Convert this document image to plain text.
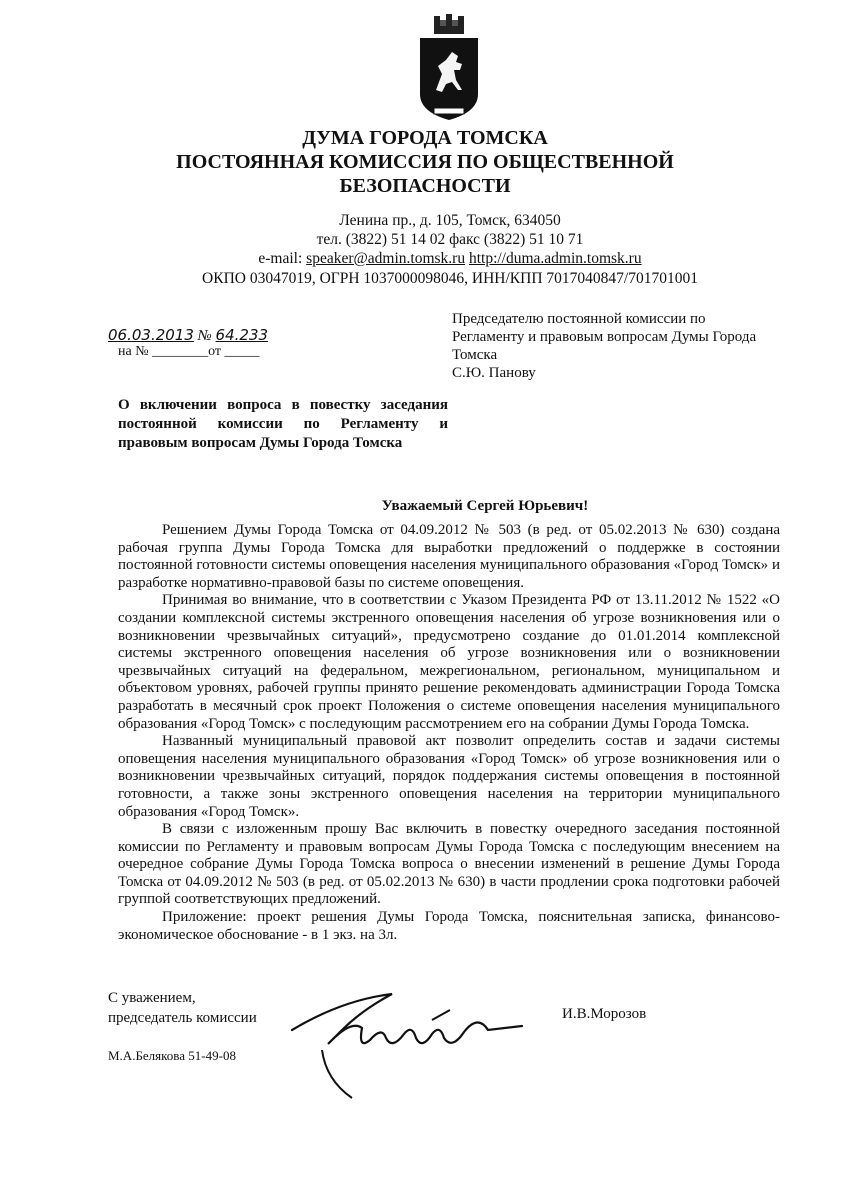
ДУМА ГОРОДА ТОМСКА
ПОСТОЯННАЯ КОМИССИЯ ПО ОБЩЕСТВЕННОЙ
БЕЗОПАСНОСТИ
Ленина пр., д. 105, Томск, 634050
тел. (3822) 51 14 02 факс (3822) 51 10 71
e-mail: speaker@admin.tomsk.ru http://duma.admin.tomsk.ru
ОКПО 03047019, ОГРН 1037000098046, ИНН/КПП 7017040847/701701001
06.03.2013 № 64.233
на № ________от _____
Председателю постоянной комиссии по
Регламенту и правовым вопросам Думы Города
Томска
С.Ю. Панову
О включении вопроса в повестку заседания постоянной комиссии по Регламенту и правовым вопросам Думы Города Томска
Уважаемый Сергей Юрьевич!

Решением Думы Города Томска от 04.09.2012 № 503 (в ред. от 05.02.2013 № 630) создана рабочая группа Думы Города Томска для выработки предложений о поддержке в состоянии постоянной готовности системы оповещения населения муниципального образования «Город Томск» и разработке нормативно-правовой базы по системе оповещения.

Принимая во внимание, что в соответствии с Указом Президента РФ от 13.11.2012 № 1522 «О создании комплексной системы экстренного оповещения населения об угрозе возникновения или о возникновении чрезвычайных ситуаций», предусмотрено создание до 01.01.2014 комплексной системы экстренного оповещения населения об угрозе возникновения или о возникновении чрезвычайных ситуаций на федеральном, межрегиональном, региональном, муниципальном и объектовом уровнях, рабочей группы принято решение рекомендовать администрации Города Томска разработать в месячный срок проект Положения о системе оповещения населения муниципального образования «Город Томск» с последующим рассмотрением его на собрании Думы Города Томска.

Названный муниципальный правовой акт позволит определить состав и задачи системы оповещения населения муниципального образования «Город Томск» об угрозе возникновения или о возникновении чрезвычайных ситуаций, порядок поддержания системы оповещения в постоянной готовности, а также зоны экстренного оповещения населения на территории муниципального образования «Город Томск».

В связи с изложенным прошу Вас включить в повестку очередного заседания постоянной комиссии по Регламенту и правовым вопросам Думы Города Томска с последующим внесением на очередное собрание Думы Города Томска вопроса о внесении изменений в решение Думы Города Томска от 04.09.2012 № 503 (в ред. от 05.02.2013 № 630) в части продлении срока подготовки рабочей группой соответствующих предложений.

Приложение: проект решения Думы Города Томска, пояснительная записка, финансово-экономическое обоснование - в 1 экз. на 3л.

С уважением,
председатель комиссии	И.В.Морозов
М.А.Белякова 51-49-08
